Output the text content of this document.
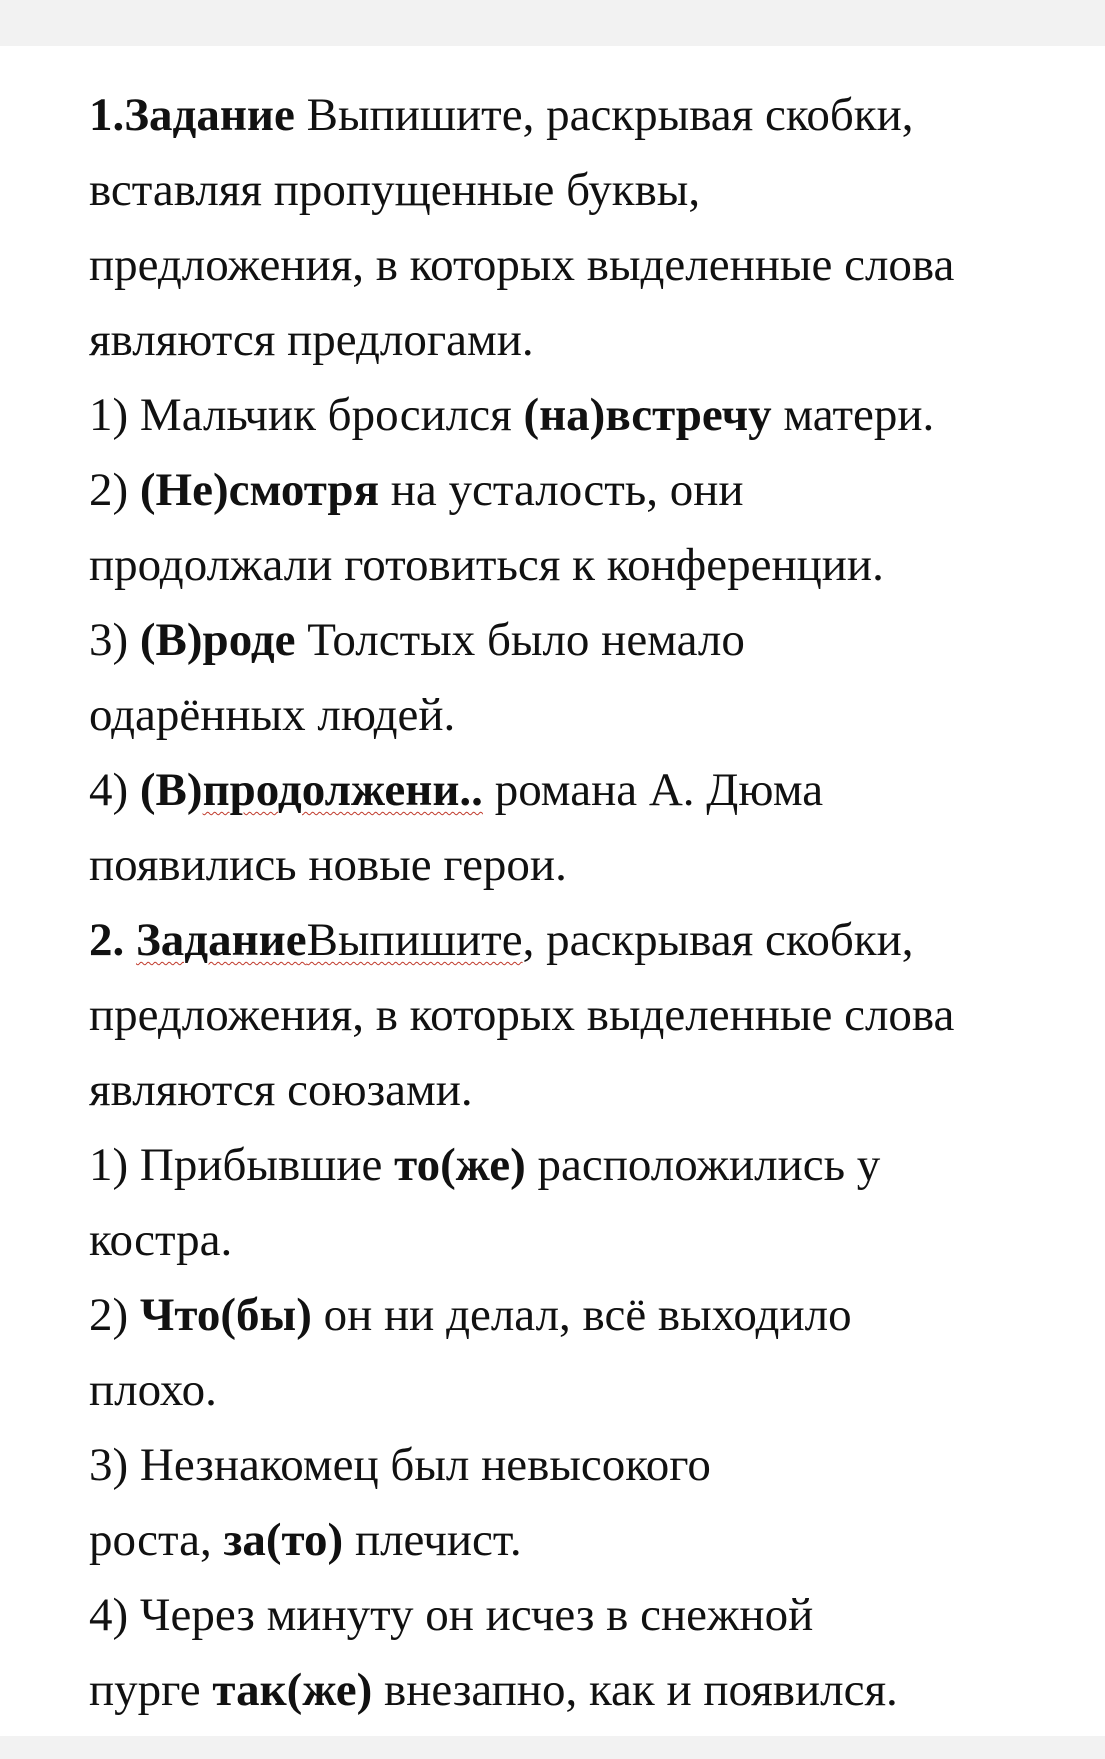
1.Задание Выпишите, раскрывая скобки,
вставляя пропущенные буквы,
предложения, в которых выделенные слова
являются предлогами.
1) Мальчик бросился (на)встречу матери.
2) (Не)смотря на усталость, они
продолжали готовиться к конференции.
3) (В)роде Толстых было немало
одарённых людей.
4) (В)продолжени.. романа А. Дюма
появились новые герои.
2. ЗаданиеВыпишите, раскрывая скобки,
предложения, в которых выделенные слова
являются союзами.
1) Прибывшие то(же) расположились у
костра.
2) Что(бы) он ни делал, всё выходило
плохо.
3) Незнакомец был невысокого
роста, за(то) плечист.
4) Через минуту он исчез в снежной
пурге так(же) внезапно, как и появился.
